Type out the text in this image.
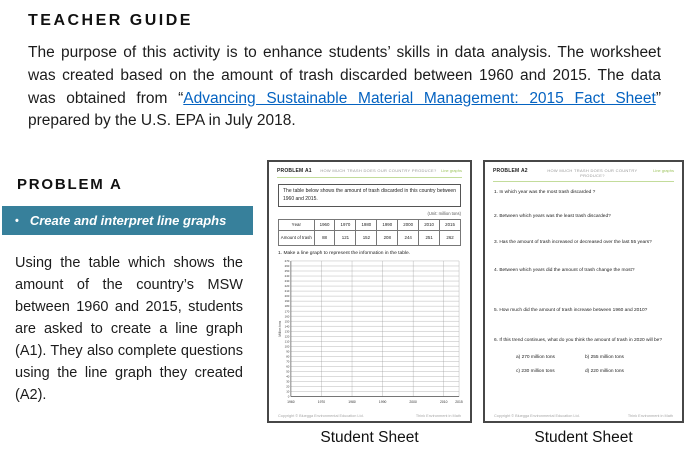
TEACHER GUIDE

The purpose of this activity is to enhance students’ skills in data analysis. The worksheet was created based on the amount of trash discarded between 1960 and 2015. The data was obtained from “Advancing Sustainable Material Management: 2015 Fact Sheet” prepared by the U.S. EPA in July 2018.

PROBLEM A
• Create and interpret line graphs

Using the table which shows the amount of the country’s MSW between 1960 and 2015, students are asked to create a line graph (A1). They also complete questions using the line graph they created (A2).

PROBLEM A1 HOW MUCH TRASH DOES OUR COUNTRY PRODUCE? Line graphs
The table below shows the amount of trash discarded in this country between 1960 and 2015.
(Unit: million tons)
Year	1960	1970	1980	1990	2000	2010	2015
Amount of trash	88	121	152	208	244	251	262
1. Make a line graph to represent the information in the table.
0
10
20
30
40
50
60
70
80
90
100
110
120
130
140
150
160
170
180
190
200
210
220
230
240
250
260
270
1960	1970	1980	1990	2000	2010 2015
Million tons
Copyright © Bluegga Environmental Education Ltd.	Think Environment in Math
PROBLEM A2	HOW MUCH TRASH DOES OUR COUNTRY PRODUCE?
Line graphs
1. In which year was the most trash discarded ?
2. Between which years was the least trash discarded?
3. Has the amount of trash increased or decreased over the last 55 years?
4. Between which years did the amount of trash change the most?
5. How much did the amount of trash increase between 1960 and 2010?
6. If this trend continues, what do you think the amount of trash in 2020 will be?
a) 270 million tons	b) 255 million tons
c) 230 million tons	d) 220 million tons
Copyright © Bluegga Environmental Education Ltd.	Think Environment in Math

Student Sheet	Student Sheet
